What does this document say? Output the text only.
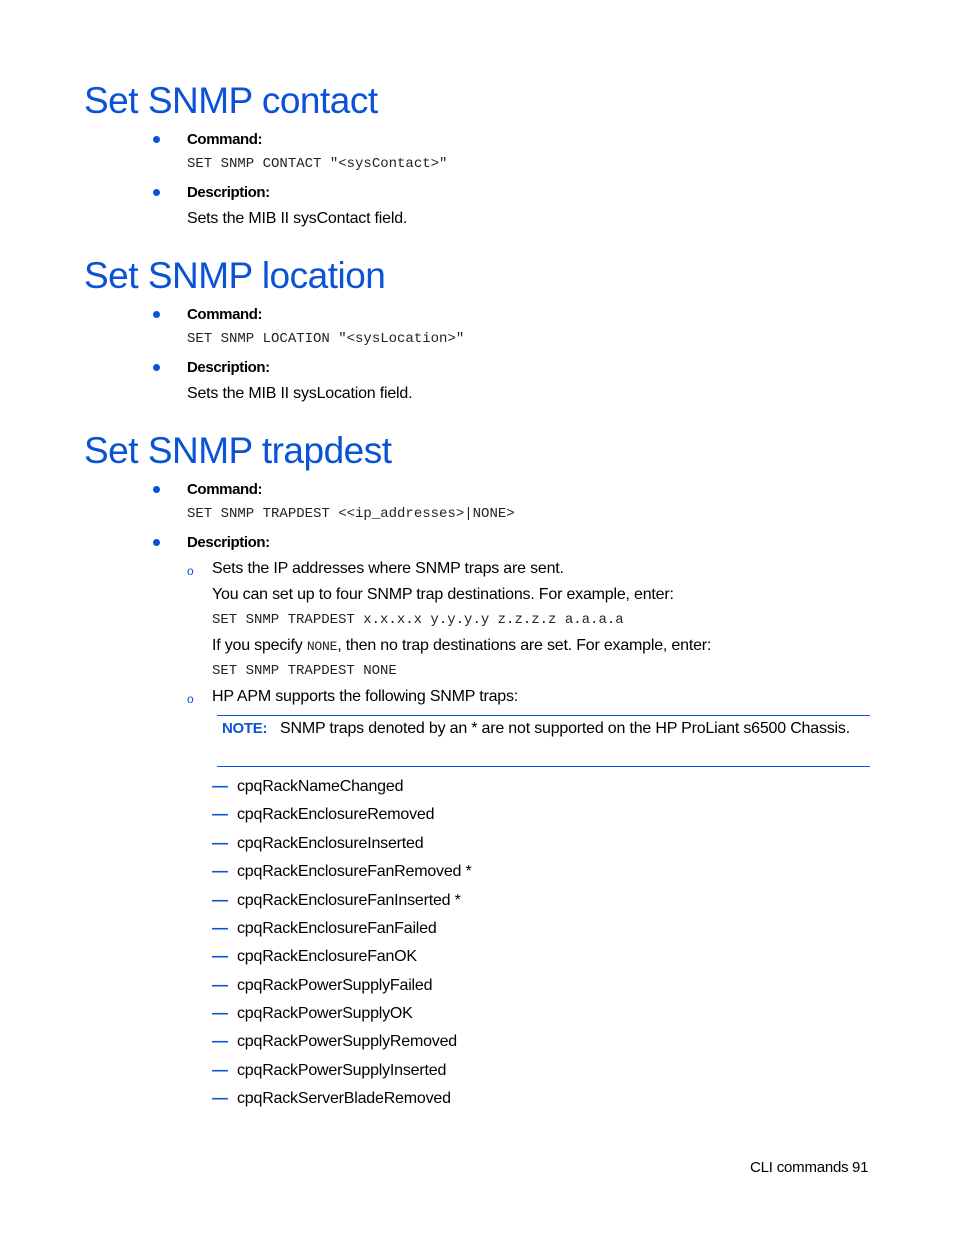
Set SNMP contact
Command:
SET SNMP CONTACT "<sysContact>"
Description:
Sets the MIB II sysContact field.
Set SNMP location
Command:
SET SNMP LOCATION "<sysLocation>"
Description:
Sets the MIB II sysLocation field.
Set SNMP trapdest
Command:
SET SNMP TRAPDEST <<ip_addresses>|NONE>
Description:
o Sets the IP addresses where SNMP traps are sent.
You can set up to four SNMP trap destinations. For example, enter:
SET SNMP TRAPDEST x.x.x.x y.y.y.y z.z.z.z a.a.a.a
If you specify NONE, then no trap destinations are set. For example, enter:
SET SNMP TRAPDEST NONE
o HP APM supports the following SNMP traps:
NOTE: SNMP traps denoted by an * are not supported on the HP ProLiant s6500 Chassis.
— cpqRackNameChanged
— cpqRackEnclosureRemoved
— cpqRackEnclosureInserted
— cpqRackEnclosureFanRemoved *
— cpqRackEnclosureFanInserted *
— cpqRackEnclosureFanFailed
— cpqRackEnclosureFanOK
— cpqRackPowerSupplyFailed
— cpqRackPowerSupplyOK
— cpqRackPowerSupplyRemoved
— cpqRackPowerSupplyInserted
— cpqRackServerBladeRemoved
CLI commands 91
